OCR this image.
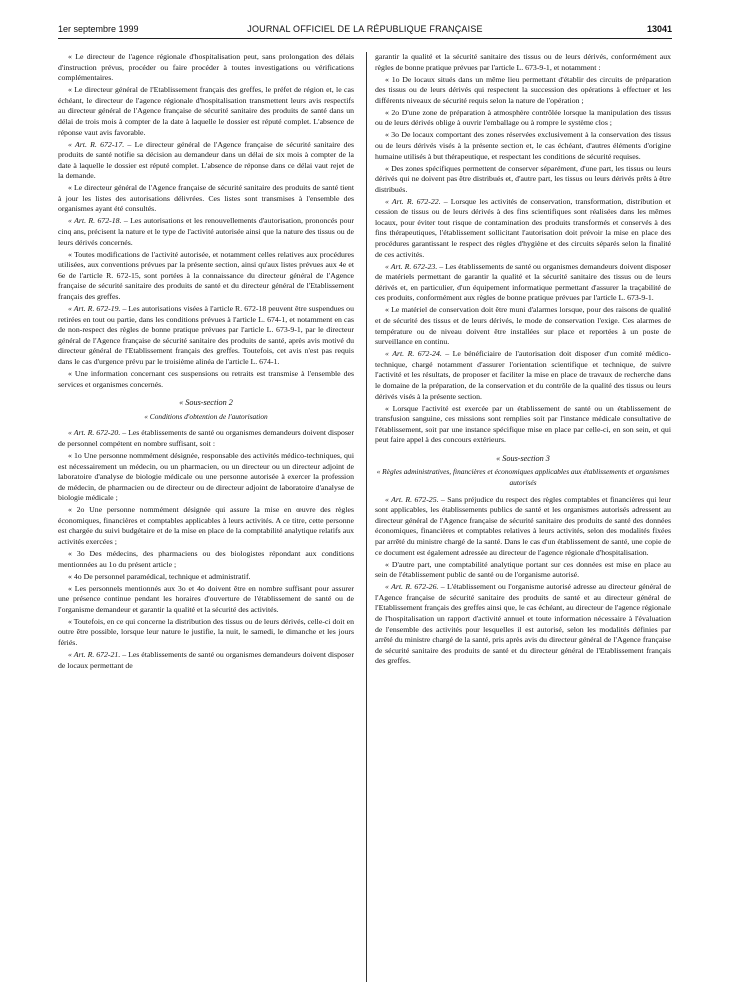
1er septembre 1999	JOURNAL OFFICIEL DE LA RÉPUBLIQUE FRANÇAISE	13041

« Le directeur de l'agence régionale d'hospitalisation peut, sans prolongation des délais d'instruction prévus, procéder ou faire procéder à toutes investigations ou vérifications complémentaires.

« Le directeur général de l'Etablissement français des greffes, le préfet de région et, le cas échéant, le directeur de l'agence régionale d'hospitalisation transmettent leurs avis respectifs au directeur général de l'Agence française de sécurité sanitaire des produits de santé dans un délai de trois mois à compter de la date à laquelle le dossier est réputé complet. L'absence de réponse vaut avis favorable.

« Art. R. 672-17. – Le directeur général de l'Agence française de sécurité sanitaire des produits de santé notifie sa décision au demandeur dans un délai de six mois à compter de la date à laquelle le dossier est réputé complet. L'absence de réponse dans ce délai vaut rejet de la demande.

« Le directeur général de l'Agence française de sécurité sanitaire des produits de santé tient à jour les listes des autorisations délivrées. Ces listes sont transmises à l'ensemble des organismes ayant été consultés.

« Art. R. 672-18. – Les autorisations et les renouvellements d'autorisation, prononcés pour cinq ans, précisent la nature et le type de l'activité autorisée ainsi que la nature des tissus ou de leurs dérivés concernés.

« Toutes modifications de l'activité autorisée, et notamment celles relatives aux procédures utilisées, aux conventions prévues par la présente section, ainsi qu'aux listes prévues aux 4e et 6e de l'article R. 672-15, sont portées à la connaissance du directeur général de l'Agence française de sécurité sanitaire des produits de santé et du directeur général de l'Etablissement français des greffes.

« Art. R. 672-19. – Les autorisations visées à l'article R. 672-18 peuvent être suspendues ou retirées en tout ou partie, dans les conditions prévues à l'article L. 674-1, et notamment en cas de non-respect des règles de bonne pratique prévues par l'article L. 673-9-1, par le directeur général de l'Agence française de sécurité sanitaire des produits de santé, après avis motivé du directeur général de l'Etablissement français des greffes. Toutefois, cet avis n'est pas requis dans le cas d'urgence prévu par le troisième alinéa de l'article L. 674-1.

« Une information concernant ces suspensions ou retraits est transmise à l'ensemble des services et organismes concernés.

« Sous-section 2

« Conditions d'obtention de l'autorisation

« Art. R. 672-20. – Les établissements de santé ou organismes demandeurs doivent disposer de personnel compétent en nombre suffisant, soit :

« 1o Une personne nommément désignée, responsable des activités médico-techniques, qui est nécessairement un médecin, ou un pharmacien, ou un directeur ou un directeur adjoint de laboratoire d'analyse de biologie médicale ou une personne autorisée à exercer la profession de médecin, de pharmacien ou de directeur ou de directeur adjoint de laboratoire d'analyse de biologie médicale ;

« 2o Une personne nommément désignée qui assure la mise en œuvre des règles économiques, financières et comptables applicables à leurs activités. A ce titre, cette personne est chargée du suivi budgétaire et de la mise en place de la comptabilité analytique relatifs aux activités exercées ;

« 3o Des médecins, des pharmaciens ou des biologistes répondant aux conditions mentionnées au 1o du présent article ;

« 4o De personnel paramédical, technique et administratif.

« Les personnels mentionnés aux 3o et 4o doivent être en nombre suffisant pour assurer une présence continue pendant les horaires d'ouverture de l'établissement de santé ou de l'organisme demandeur et garantir la qualité et la sécurité des activités.

« Toutefois, en ce qui concerne la distribution des tissus ou de leurs dérivés, celle-ci doit en outre être possible, lorsque leur nature le justifie, la nuit, le samedi, le dimanche et les jours fériés.

« Art. R. 672-21. – Les établissements de santé ou organismes demandeurs doivent disposer de locaux permettant de

garantir la qualité et la sécurité sanitaire des tissus ou de leurs dérivés, conformément aux règles de bonne pratique prévues par l'article L. 673-9-1, et notamment :

« 1o De locaux situés dans un même lieu permettant d'établir des circuits de préparation des tissus ou de leurs dérivés qui respectent la succession des opérations à effectuer et les différents niveaux de sécurité requis selon la nature de l'opération ;

« 2o D'une zone de préparation à atmosphère contrôlée lorsque la manipulation des tissus ou de leurs dérivés oblige à ouvrir l'emballage ou à rompre le système clos ;

« 3o De locaux comportant des zones réservées exclusivement à la conservation des tissus ou de leurs dérivés visés à la présente section et, le cas échéant, d'autres éléments d'origine humaine utilisés à but thérapeutique, et respectant les conditions de sécurité requises.

« Des zones spécifiques permettent de conserver séparément, d'une part, les tissus ou leurs dérivés qui ne doivent pas être distribués et, d'autre part, les tissus ou leurs dérivés prêts à être distribués.

« Art. R. 672-22. – Lorsque les activités de conservation, transformation, distribution et cession de tissus ou de leurs dérivés à des fins scientifiques sont réalisées dans les mêmes locaux, pour éviter tout risque de contamination des produits transformés et conservés à des fins thérapeutiques, l'établissement sollicitant l'autorisation doit prévoir la mise en place des procédures garantissant le respect des règles d'hygiène et des circuits séparés selon la finalité de ces activités.

« Art. R. 672-23. – Les établissements de santé ou organismes demandeurs doivent disposer de matériels permettant de garantir la qualité et la sécurité sanitaire des tissus ou de leurs dérivés et, en particulier, d'un équipement informatique permettant d'assurer la traçabilité de ces produits, conformément aux règles de bonne pratique prévues par l'article L. 673-9-1.

« Le matériel de conservation doit être muni d'alarmes lorsque, pour des raisons de qualité et de sécurité des tissus et de leurs dérivés, le mode de conservation l'exige. Ces alarmes de température ou de niveau doivent être installées sur place et reportées à un poste de surveillance en continu.

« Art. R. 672-24. – Le bénéficiaire de l'autorisation doit disposer d'un comité médico-technique, chargé notamment d'assurer l'orientation scientifique et technique, de suivre l'activité et les résultats, de proposer et faciliter la mise en place de travaux de recherche dans le domaine de la préparation, de la conservation et du contrôle de la qualité des tissus ou leurs dérivés visés à la présente section.

« Lorsque l'activité est exercée par un établissement de santé ou un établissement de transfusion sanguine, ces missions sont remplies soit par l'instance médicale consultative de l'établissement, soit par une instance spécifique mise en place par celle-ci, en son sein, et qui peut faire appel à des concours extérieurs.

« Sous-section 3

« Règles administratives, financières et économiques applicables aux établissements et organismes autorisés

« Art. R. 672-25. – Sans préjudice du respect des règles comptables et financières qui leur sont applicables, les établissements publics de santé et les organismes autorisés adressent au directeur général de l'Agence française de sécurité sanitaire des produits de santé des données économiques, financières et comptables relatives à leurs activités, selon des modalités fixées par arrêté du ministre chargé de la santé. Dans le cas d'un établissement de santé, une copie de ce document est également adressée au directeur de l'agence régionale d'hospitalisation.

« D'autre part, une comptabilité analytique portant sur ces données est mise en place au sein de l'établissement public de santé ou de l'organisme autorisé.

« Art. R. 672-26. – L'établissement ou l'organisme autorisé adresse au directeur général de l'Agence française de sécurité sanitaire des produits de santé et au directeur général de l'Etablissement français des greffes ainsi que, le cas échéant, au directeur de l'agence régionale de l'hospitalisation un rapport d'activité annuel et toute information nécessaire à l'évaluation de l'ensemble des activités pour lesquelles il est autorisé, selon les modalités définies par arrêté du ministre chargé de la santé, pris après avis du directeur général de l'Agence française de sécurité sanitaire des produits de santé et du directeur général de l'Etablissement français des greffes.
